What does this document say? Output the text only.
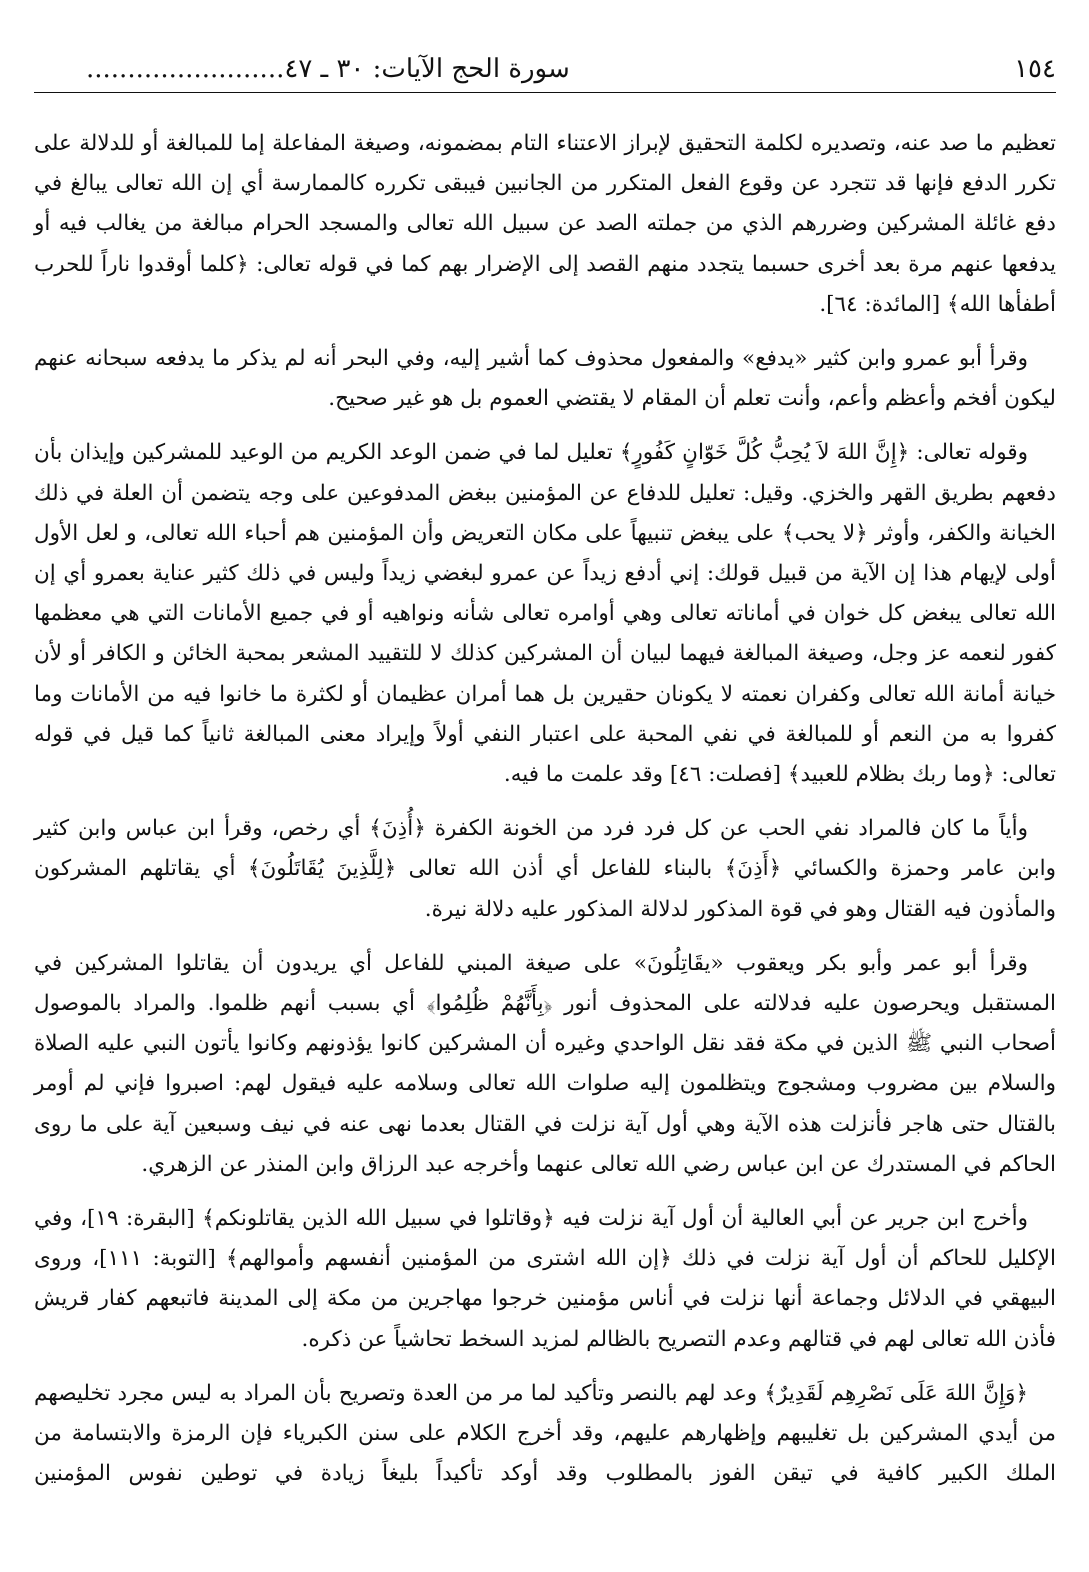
١٥٤
سورة الحج الآيات: ٣٠ ـ ٤٧........................

تعظيم ما صد عنه، وتصديره لكلمة التحقيق لإبراز الاعتناء التام بمضمونه، وصيغة المفاعلة إما للمبالغة أو للدلالة على تكرر الدفع فإنها قد تتجرد عن وقوع الفعل المتكرر من الجانبين فيبقى تكرره كالممارسة أي إن الله تعالى يبالغ في دفع غائلة المشركين وضررهم الذي من جملته الصد عن سبيل الله تعالى والمسجد الحرام مبالغة من يغالب فيه أو يدفعها عنهم مرة بعد أخرى حسبما يتجدد منهم القصد إلى الإضرار بهم كما في قوله تعالى: ﴿كلما أوقدوا ناراً للحرب أطفأها الله﴾ [المائدة: ٦٤].

وقرأ أبو عمرو وابن كثير «يدفع» والمفعول محذوف كما أشير إليه، وفي البحر أنه لم يذكر ما يدفعه سبحانه عنهم ليكون أفخم وأعظم وأعم، وأنت تعلم أن المقام لا يقتضي العموم بل هو غير صحيح.

وقوله تعالى: ﴿إِنَّ اللهَ لاَ يُحِبُّ كُلَّ خَوّانٍ كَفُورٍ﴾ تعليل لما في ضمن الوعد الكريم من الوعيد للمشركين وإيذان بأن دفعهم بطريق القهر والخزي. وقيل: تعليل للدفاع عن المؤمنين ببغض المدفوعين على وجه يتضمن أن العلة في ذلك الخيانة والكفر، وأوثر ﴿لا يحب﴾ على يبغض تنبيهاً على مكان التعريض وأن المؤمنين هم أحباء الله تعالى، و لعل الأول أولى لإيهام هذا إن الآية من قبيل قولك: إني أدفع زيداً عن عمرو لبغضي زيداً وليس في ذلك كثير عناية بعمرو أي إن الله تعالى يبغض كل خوان في أماناته تعالى وهي أوامره تعالى شأنه ونواهيه أو في جميع الأمانات التي هي معظمها كفور لنعمه عز وجل، وصيغة المبالغة فيهما لبيان أن المشركين كذلك لا للتقييد المشعر بمحبة الخائن و الكافر أو لأن خيانة أمانة الله تعالى وكفران نعمته لا يكونان حقيرين بل هما أمران عظيمان أو لكثرة ما خانوا فيه من الأمانات وما كفروا به من النعم أو للمبالغة في نفي المحبة على اعتبار النفي أولاً وإيراد معنى المبالغة ثانياً كما قيل في قوله تعالى: ﴿وما ربك بظلام للعبيد﴾ [فصلت: ٤٦] وقد علمت ما فيه.

وأياً ما كان فالمراد نفي الحب عن كل فرد فرد من الخونة الكفرة ﴿أُذِنَ﴾ أي رخص، وقرأ ابن عباس وابن كثير وابن عامر وحمزة والكسائي ﴿أَذِنَ﴾ بالبناء للفاعل أي أذن الله تعالى ﴿لِلَّذِينَ يُقَاتَلُونَ﴾ أي يقاتلهم المشركون والمأذون فيه القتال وهو في قوة المذكور لدلالة المذكور عليه دلالة نيرة.

وقرأ أبو عمر وأبو بكر ويعقوب «يقَاتِلُونَ» على صيغة المبني للفاعل أي يريدون أن يقاتلوا المشركين في المستقبل ويحرصون عليه فدلالته على المحذوف أنور ﴿بِأَنَّهُمْ ظُلِمُوا﴾ أي بسبب أنهم ظلموا. والمراد بالموصول أصحاب النبي ﷺ الذين في مكة فقد نقل الواحدي وغيره أن المشركين كانوا يؤذونهم وكانوا يأتون النبي عليه الصلاة والسلام بين مضروب ومشجوج ويتظلمون إليه صلوات الله تعالى وسلامه عليه فيقول لهم: اصبروا فإني لم أومر بالقتال حتى هاجر فأنزلت هذه الآية وهي أول آية نزلت في القتال بعدما نهى عنه في نيف وسبعين آية على ما روى الحاكم في المستدرك عن ابن عباس رضي الله تعالى عنهما وأخرجه عبد الرزاق وابن المنذر عن الزهري.

وأخرج ابن جرير عن أبي العالية أن أول آية نزلت فيه ﴿وقاتلوا في سبيل الله الذين يقاتلونكم﴾ [البقرة: ١٩]، وفي الإكليل للحاكم أن أول آية نزلت في ذلك ﴿إن الله اشترى من المؤمنين أنفسهم وأموالهم﴾ [التوبة: ١١١]، وروى البيهقي في الدلائل وجماعة أنها نزلت في أناس مؤمنين خرجوا مهاجرين من مكة إلى المدينة فاتبعهم كفار قريش فأذن الله تعالى لهم في قتالهم وعدم التصريح بالظالم لمزيد السخط تحاشياً عن ذكره.

﴿وَإِنَّ اللهَ عَلَى نَصْرِهِم لَقَدِيرٌ﴾ وعد لهم بالنصر وتأكيد لما مر من العدة وتصريح بأن المراد به ليس مجرد تخليصهم من أيدي المشركين بل تغليبهم وإظهارهم عليهم، وقد أخرج الكلام على سنن الكبرياء فإن الرمزة والابتسامة من الملك الكبير كافية في تيقن الفوز بالمطلوب وقد أوكد تأكيداً بليغاً زيادة في توطين نفوس المؤمنين
